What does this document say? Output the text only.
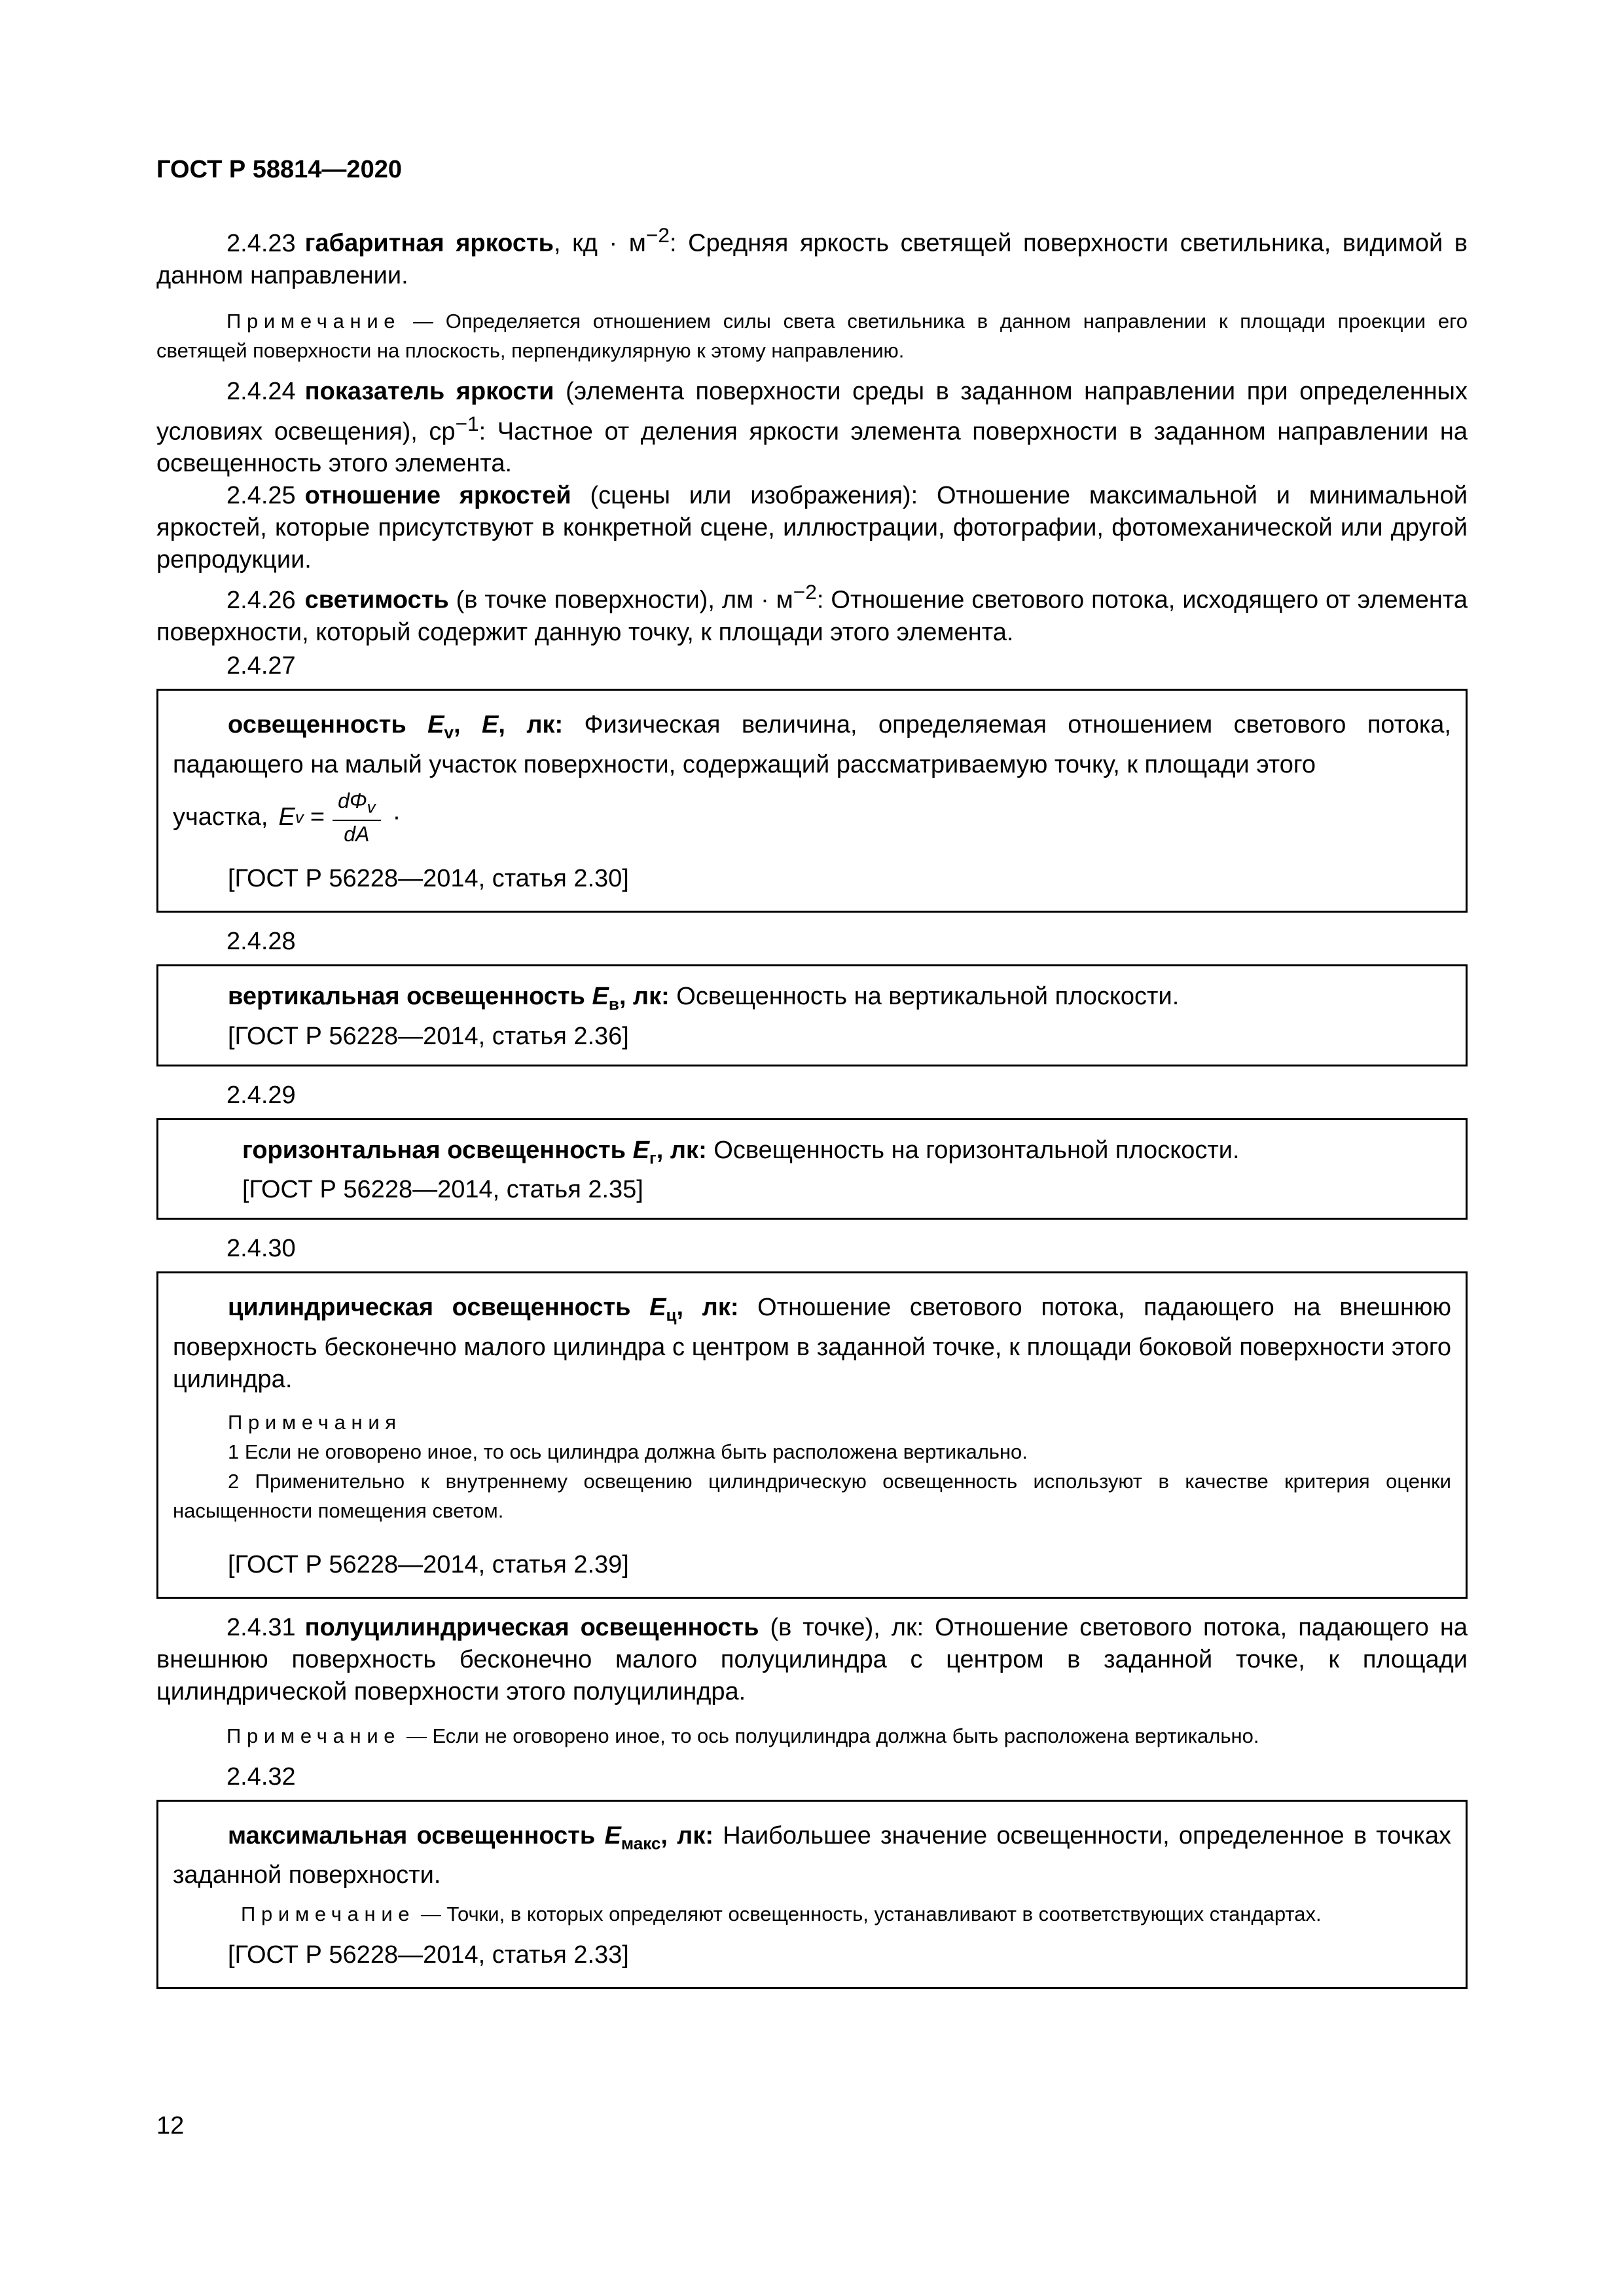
ГОСТ Р 58814—2020

2.4.23 габаритная яркость, кд · $м^{-2}$: Средняя яркость светящей поверхности светильника, видимой в данном направлении.

Примечание — Определяется отношением силы света светильника в данном направлении к площади проекции его светящей поверхности на плоскость, перпендикулярную к этому направлению.

2.4.24 показатель яркости (элемента поверхности среды в заданном направлении при определенных условиях освещения), $ср^{-1}$: Частное от деления яркости элемента поверхности в заданном направлении на освещенность этого элемента.

2.4.25 отношение яркостей (сцены или изображения): Отношение максимальной и минимальной яркостей, которые присутствуют в конкретной сцене, иллюстрации, фотографии, фотомеханической или другой репродукции.

2.4.26 светимость (в точке поверхности), лм · $м^{-2}$: Отношение светового потока, исходящего от элемента поверхности, который содержит данную точку, к площади этого элемента.

2.4.27

освещенность $E_v$, E, лк: Физическая величина, определяемая отношением светового потока, падающего на малый участок поверхности, содержащий рассматриваемую точку, к площади этого

участка, E $v = \frac{d\Phi_v}{dA}$ ·
[ГОСТ Р 56228—2014, статья 2.30]
2.4.28

вертикальная освещенность $E_в$, лк: Освещенность на вертикальной плоскости.

[ГОСТ Р 56228—2014, статья 2.36]
2.4.29

горизонтальная освещенность $E_г$, лк: Освещенность на горизонтальной плоскости.

[ГОСТ Р 56228—2014, статья 2.35]
2.4.30

цилиндрическая освещенность $E_ц$, лк: Отношение светового потока, падающего на внешнюю поверхность бесконечно малого цилиндра с центром в заданной точке, к площади боковой поверхности этого цилиндра.

Примечания

1 Если не оговорено иное, то ось цилиндра должна быть расположена вертикально.

2 Применительно к внутреннему освещению цилиндрическую освещенность используют в качестве критерия оценки насыщенности помещения светом.

[ГОСТ Р 56228—2014, статья 2.39]

2.4.31 полуцилиндрическая освещенность (в точке), лк: Отношение светового потока, падающего на внешнюю поверхность бесконечно малого полуцилиндра с центром в заданной точке, к площади цилиндрической поверхности этого полуцилиндра.

Примечание — Если не оговорено иное, то ось полуцилиндра должна быть расположена вертикально.

2.4.32

максимальная освещенность $E_{макс}$, лк: Наибольшее значение освещенности, определенное в точках заданной поверхности.

Примечание — Точки, в которых определяют освещенность, устанавливают в соответствующих стандартах.

[ГОСТ Р 56228—2014, статья 2.33]
12
